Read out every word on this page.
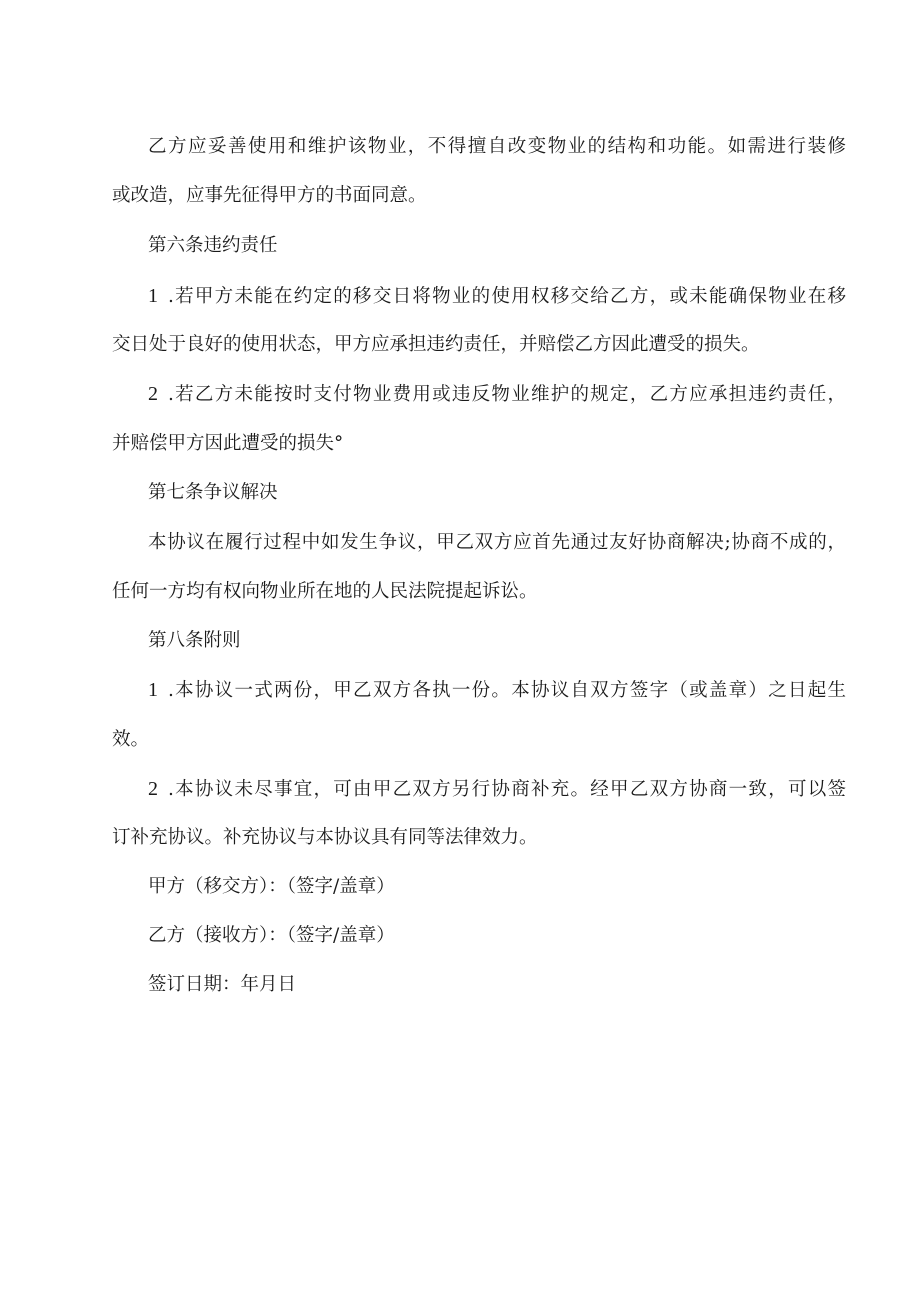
乙方应妥善使用和维护该物业，不得擅自改变物业的结构和功能。如需进行装修
或改造，应事先征得甲方的书面同意。
第六条违约责任
1 .若甲方未能在约定的移交日将物业的使用权移交给乙方，或未能确保物业在移
交日处于良好的使用状态，甲方应承担违约责任，并赔偿乙方因此遭受的损失。
2 .若乙方未能按时支付物业费用或违反物业维护的规定，乙方应承担违约责任，
并赔偿甲方因此遭受的损失°
第七条争议解决
本协议在履行过程中如发生争议，甲乙双方应首先通过友好协商解决;协商不成的，
任何一方均有权向物业所在地的人民法院提起诉讼。
第八条附则
1 .本协议一式两份，甲乙双方各执一份。本协议自双方签字（或盖章）之日起生
效。
2 .本协议未尽事宜，可由甲乙双方另行协商补充。经甲乙双方协商一致，可以签
订补充协议。补充协议与本协议具有同等法律效力。
甲方（移交方）：（签字/盖章）
乙方（接收方）：（签字/盖章）
签订日期：年月日
